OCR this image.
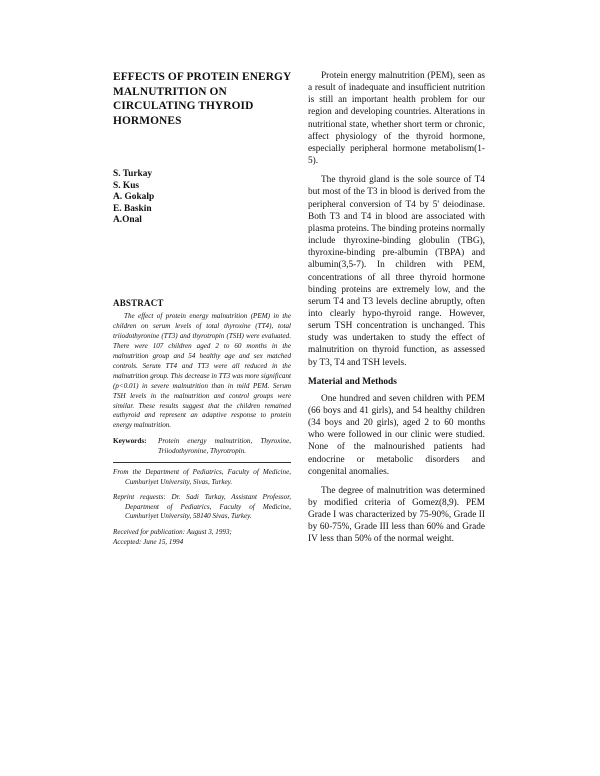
EFFECTS OF PROTEIN ENERGY MALNUTRITION ON CIRCULATING THYROID HORMONES
S. Turkay
S. Kus
A. Gokalp
E. Baskin
A.Onal
ABSTRACT

The effect of protein energy malnutrition (PEM) in the children on serum levels of total thyroxine (TT4), total triiodothyronine (TT3) and thyrotropin (TSH) were evaluated. There were 107 children aged 2 to 60 months in the malnutrition group and 54 healthy age and sex matched controls. Serum TT4 and TT3 were all reduced in the malnutrition group. This decrease in TT3 was more significant (p<0.01) in severe malnutrition than in mild PEM. Serum TSH levels in the malnutrition and control groups were similar. These results suggest that the children remained euthyroid and represent an adaptive response to protein energy malnutrition.

Keywords:	Protein energy malnutrition, Thyroxine, Triiodothyronine, Thyrotropin.

From the Department of Pediatrics, Faculty of Medicine, Cumhuriyet University, Sivas, Turkey.

Reprint requests: Dr. Sadi Turkay, Assistant Professor, Department of Pediatrics, Faculty of Medicine, Cumhuriyet University, 58140 Sivas, Turkey.

Received for publication: August 3, 1993;
Accepted: June 15, 1994

Protein energy malnutrition (PEM), seen as a result of inadequate and insufficient nutrition is still an important health problem for our region and developing countries. Alterations in nutritional state, whether short term or chronic, affect physiology of the thyroid hormone, especially peripheral hormone metabolism(1-5).

The thyroid gland is the sole source of T4 but most of the T3 in blood is derived from the peripheral conversion of T4 by 5' deiodinase. Both T3 and T4 in blood are associated with plasma proteins. The binding proteins normally include thyroxine-binding globulin (TBG), thyroxine-binding pre-albumin (TBPA) and albumin(3,5-7). In children with PEM, concentrations of all three thyroid hormone binding proteins are extremely low, and the serum T4 and T3 levels decline abruptly, often into clearly hypo-thyroid range. However, serum TSH concentration is unchanged. This study was undertaken to study the effect of malnutrition on thyroid function, as assessed by T3, T4 and TSH levels.

Material and Methods

One hundred and seven children with PEM (66 boys and 41 girls), and 54 healthy children (34 boys and 20 girls), aged 2 to 60 months who were followed in our clinic were studied. None of the malnourished patients had endocrine or metabolic disorders and congenital anomalies.

The degree of malnutrition was determined by modified criteria of Gomez(8,9). PEM Grade I was characterized by 75-90%, Grade II by 60-75%, Grade III less than 60% and Grade IV less than 50% of the normal weight.
